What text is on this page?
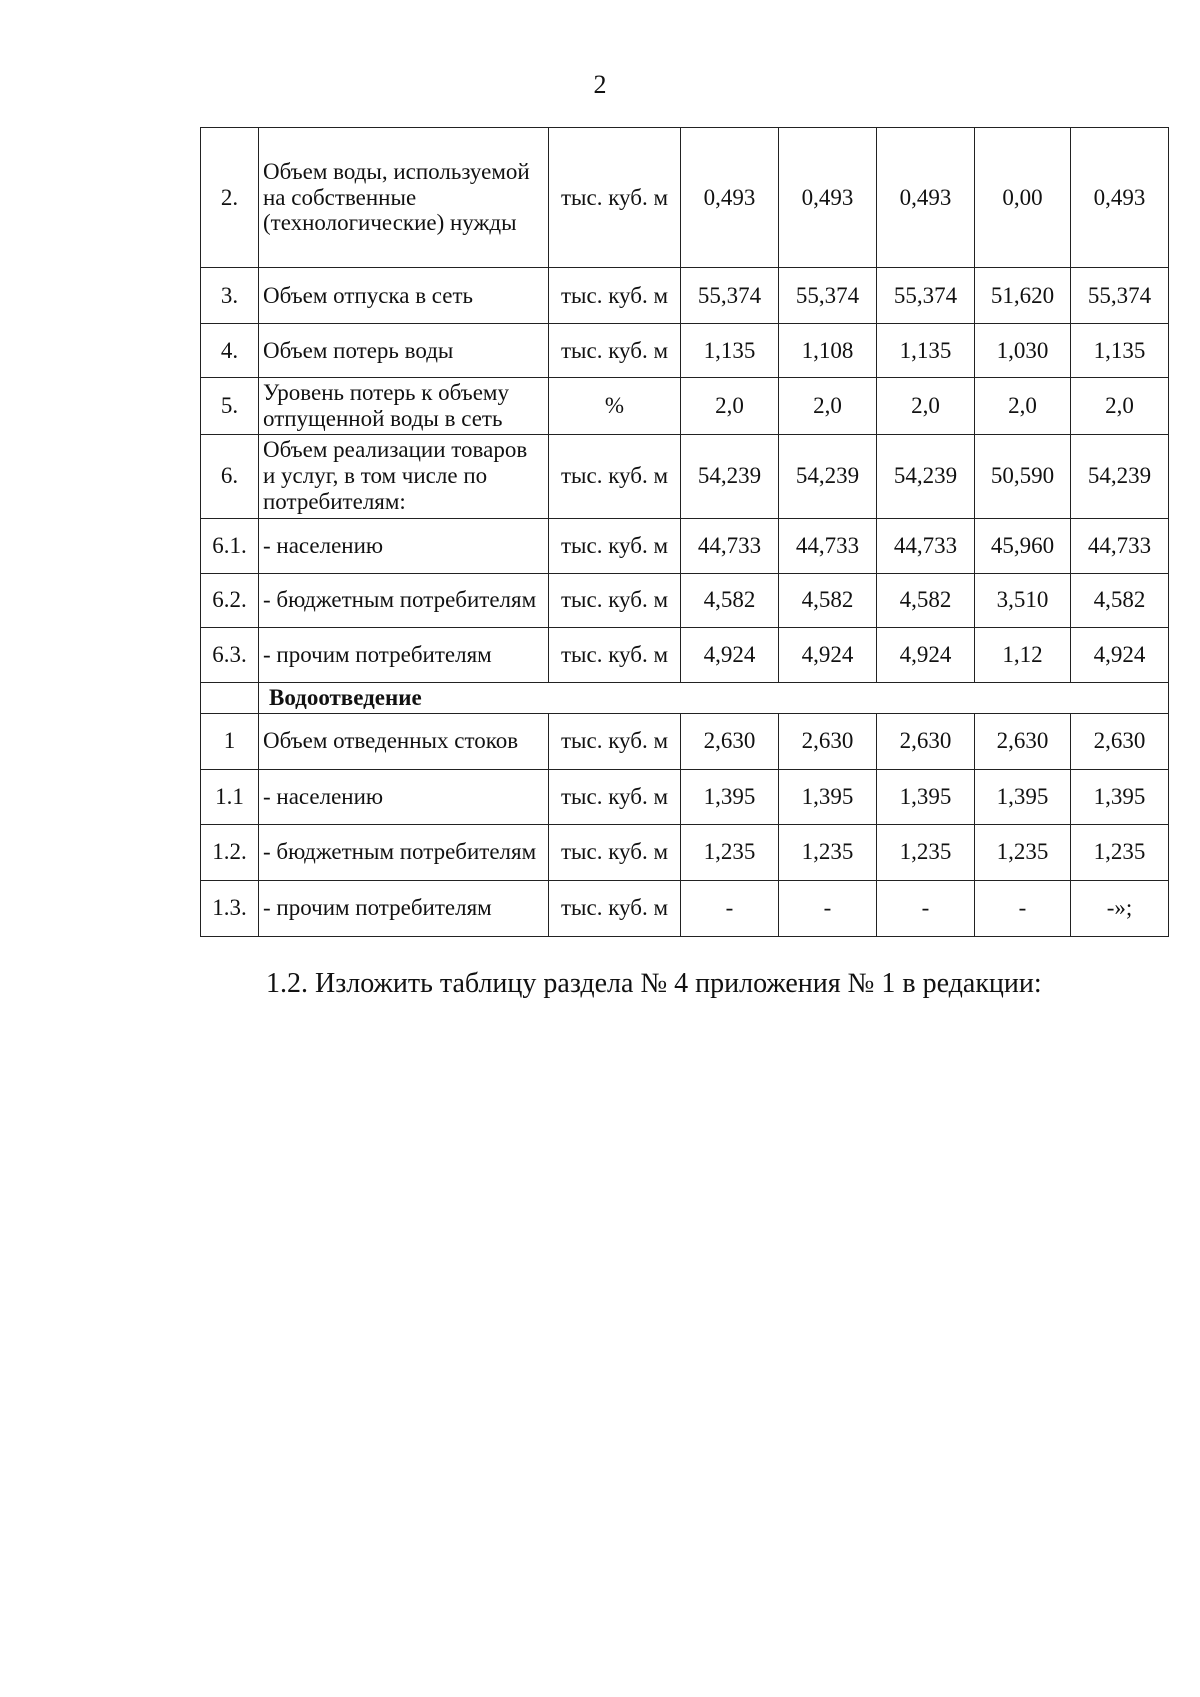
2
2.	Объем воды, используемой на собственные (технологические) нужды	тыс. куб. м	0,493	0,493	0,493	0,00	0,493
3.	Объем отпуска в сеть	тыс. куб. м	55,374	55,374	55,374	51,620	55,374
4.	Объем потерь воды	тыс. куб. м	1,135	1,108	1,135	1,030	1,135
5.	Уровень потерь к объему отпущенной воды в сеть	%	2,0	2,0	2,0	2,0	2,0
6.	Объем реализации товаров и услуг, в том числе по потребителям:	тыс. куб. м	54,239	54,239	54,239	50,590	54,239
6.1.	- населению	тыс. куб. м	44,733	44,733	44,733	45,960	44,733
6.2.	- бюджетным потребителям	тыс. куб. м	4,582	4,582	4,582	3,510	4,582
6.3.	- прочим потребителям	тыс. куб. м	4,924	4,924	4,924	1,12	4,924
	Водоотведение						
1	Объем отведенных стоков	тыс. куб. м	2,630	2,630	2,630	2,630	2,630
1.1	- населению	тыс. куб. м	1,395	1,395	1,395	1,395	1,395
1.2.	- бюджетным потребителям	тыс. куб. м	1,235	1,235	1,235	1,235	1,235
1.3.	- прочим потребителям	тыс. куб. м	-	-	-	-	-»;
1.2. Изложить таблицу раздела № 4 приложения № 1 в редакции:
